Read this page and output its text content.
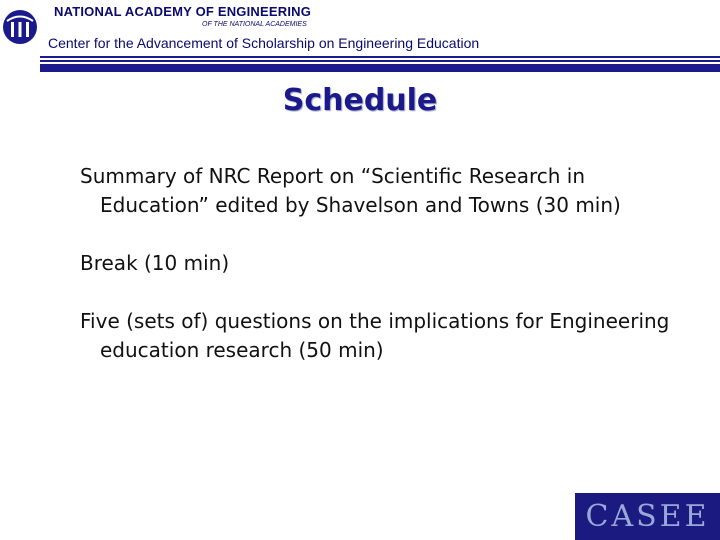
NATIONAL ACADEMY OF ENGINEERING
OF THE NATIONAL ACADEMIES
Center for the Advancement of Scholarship on Engineering Education
Schedule
Summary of NRC Report on “Scientific Research in Education” edited by Shavelson and Towns (30 min)
Break (10 min)
Five (sets of) questions on the implications for Engineering education research (50 min)
CASEE
